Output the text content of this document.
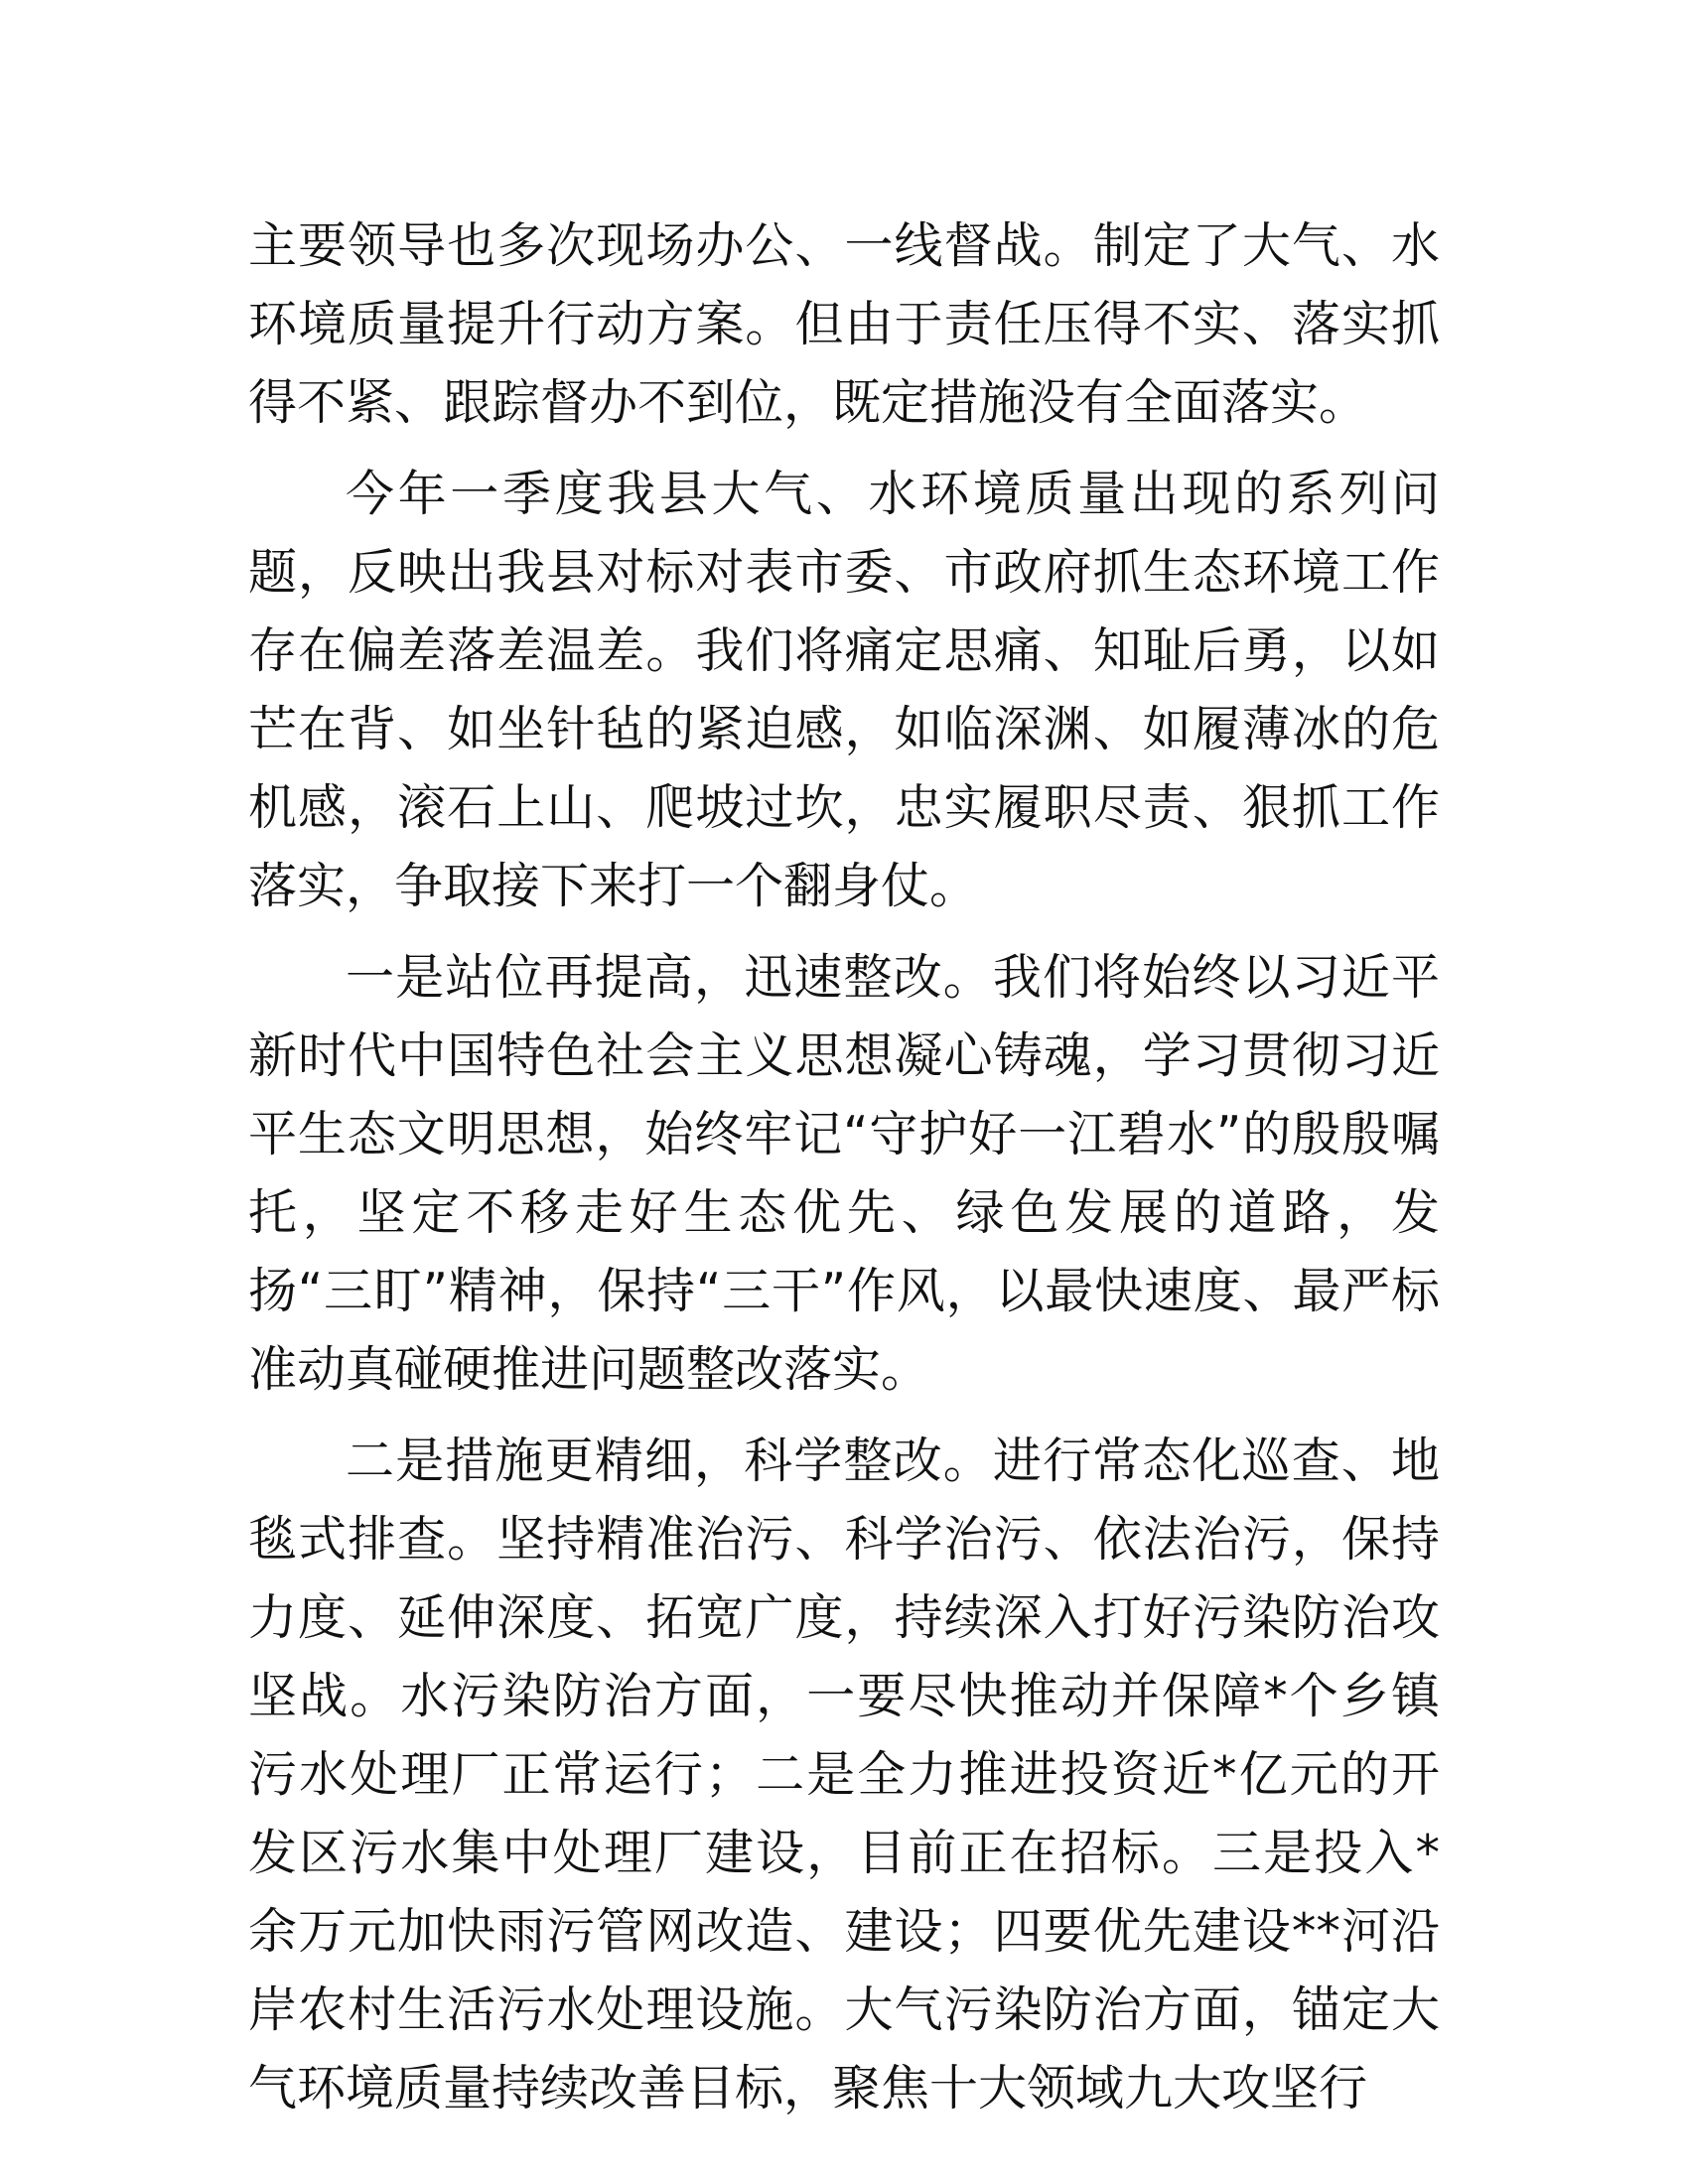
主要领导也多次现场办公、一线督战。制定了大气、水环境质量提升行动方案。但由于责任压得不实、落实抓得不紧、跟踪督办不到位，既定措施没有全面落实。

今年一季度我县大气、水环境质量出现的系列问题，反映出我县对标对表市委、市政府抓生态环境工作存在偏差落差温差。我们将痛定思痛、知耻后勇，以如芒在背、如坐针毡的紧迫感，如临深渊、如履薄冰的危机感，滚石上山、爬坡过坎，忠实履职尽责、狠抓工作落实，争取接下来打一个翻身仗。

一是站位再提高，迅速整改。我们将始终以习近平新时代中国特色社会主义思想凝心铸魂，学习贯彻习近平生态文明思想，始终牢记“守护好一江碧水”的殷殷嘱托，坚定不移走好生态优先、绿色发展的道路，发扬“三盯”精神，保持“三干”作风，以最快速度、最严标准动真碰硬推进问题整改落实。

二是措施更精细，科学整改。进行常态化巡查、地毯式排查。坚持精准治污、科学治污、依法治污，保持力度、延伸深度、拓宽广度，持续深入打好污染防治攻坚战。水污染防治方面，一要尽快推动并保障*个乡镇污水处理厂正常运行；二是全力推进投资近*亿元的开发区污水集中处理厂建设，目前正在招标。三是投入*余万元加快雨污管网改造、建设；四要优先建设**河沿岸农村生活污水处理设施。大气污染防治方面，锚定大气环境质量持续改善目标，聚焦十大领域九大攻坚行
